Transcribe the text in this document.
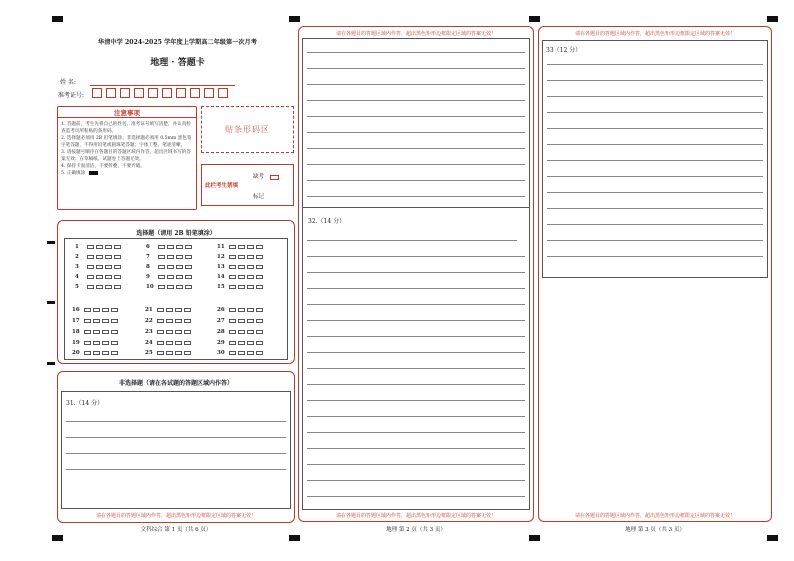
华清中学 2024-2025 学年度上学期高二年级第一次月考
地理 · 答题卡
姓 名:
准考证号:
注意事项
1. 答题前，考生先将自己的姓名、准考证号填写清楚，并认真检查监考员所粘贴的条形码。
2. 选择题必须用 2B 铅笔填涂；非选择题必须用 0.5mm 黑色签字笔答题，不得用铅笔或圆珠笔答题；字体工整、笔迹清晰。
3. 请按题号顺序在各题目的答题区域内作答，超出区域书写的答案无效；在草稿纸、试题卷上答题无效。
4. 保持卡面清洁，不要折叠、不要弄破。
5. 正确填涂
贴条形码区
此栏考生禁填
缺考
标记
选择题（请用 2B 铅笔填涂）
1
2
3
4
5
6
7
8
9
10
11
12
13
14
15
16
17
18
19
20
21
22
23
24
25
26
27
28
29
30
非选择题（请在各试题的答题区域内作答）
31.（14 分）
请在各题目的答题区域内作答，超出黑色矩形边框限定区域的答案无效！
文科综合 第 1 页（共 6 页）
请在各题目的答题区域内作答，超出黑色矩形边框限定区域的答案无效！
32.（14 分）
请在各题目的答题区域内作答，超出黑色矩形边框限定区域的答案无效！
地理 第 2 页（共 3 页）
请在各题目的答题区域内作答，超出黑色矩形边框限定区域的答案无效！
33（12 分）
请在各题目的答题区域内作答，超出黑色矩形边框限定区域的答案无效！
地理 第 3 页（共 3 页）
